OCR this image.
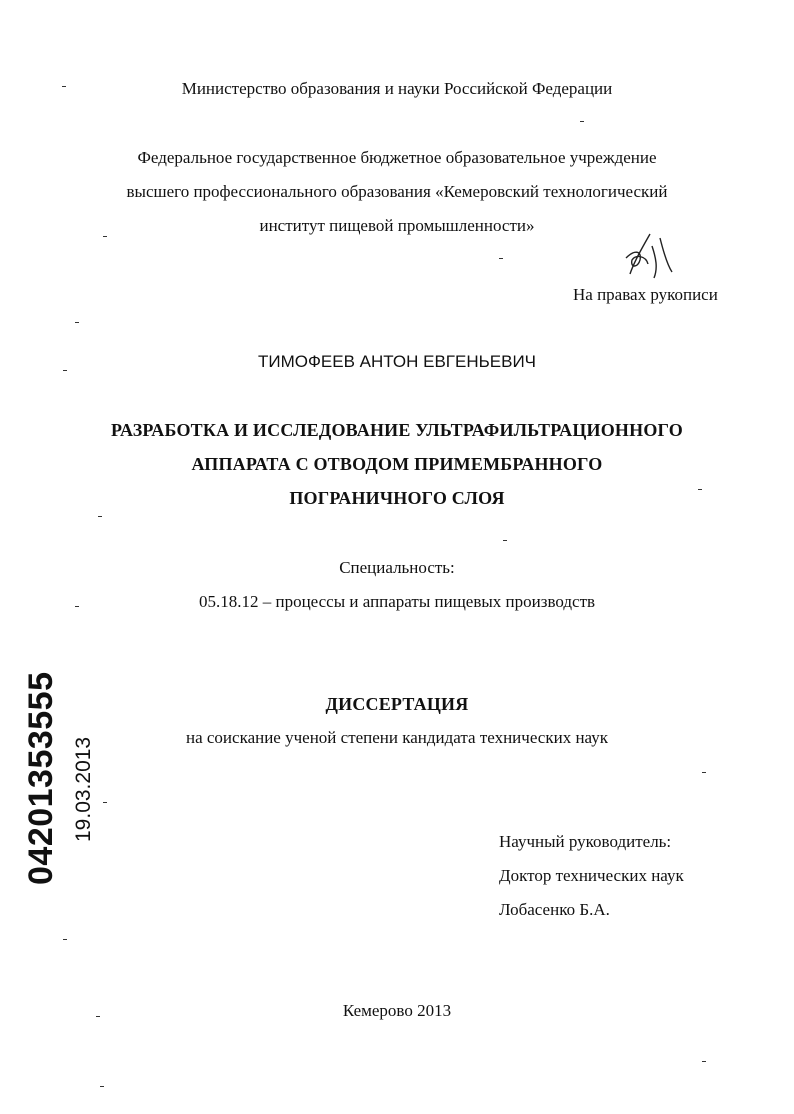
Министерство образования и науки Российской Федерации
Федеральное государственное бюджетное образовательное учреждение
высшего профессионального образования «Кемеровский технологический
институт пищевой промышленности»
На правах рукописи
ТИМОФЕЕВ АНТОН ЕВГЕНЬЕВИЧ
РАЗРАБОТКА И ИССЛЕДОВАНИЕ УЛЬТРАФИЛЬТРАЦИОННОГО
АППАРАТА С ОТВОДОМ ПРИМЕМБРАННОГО
ПОГРАНИЧНОГО СЛОЯ
Специальность:
05.18.12 – процессы и аппараты пищевых производств
ДИССЕРТАЦИЯ
на соискание ученой степени кандидата технических наук
Научный руководитель:
Доктор технических наук
Лобасенко Б.А.
Кемерово 2013
04201353555 19.03.2013
